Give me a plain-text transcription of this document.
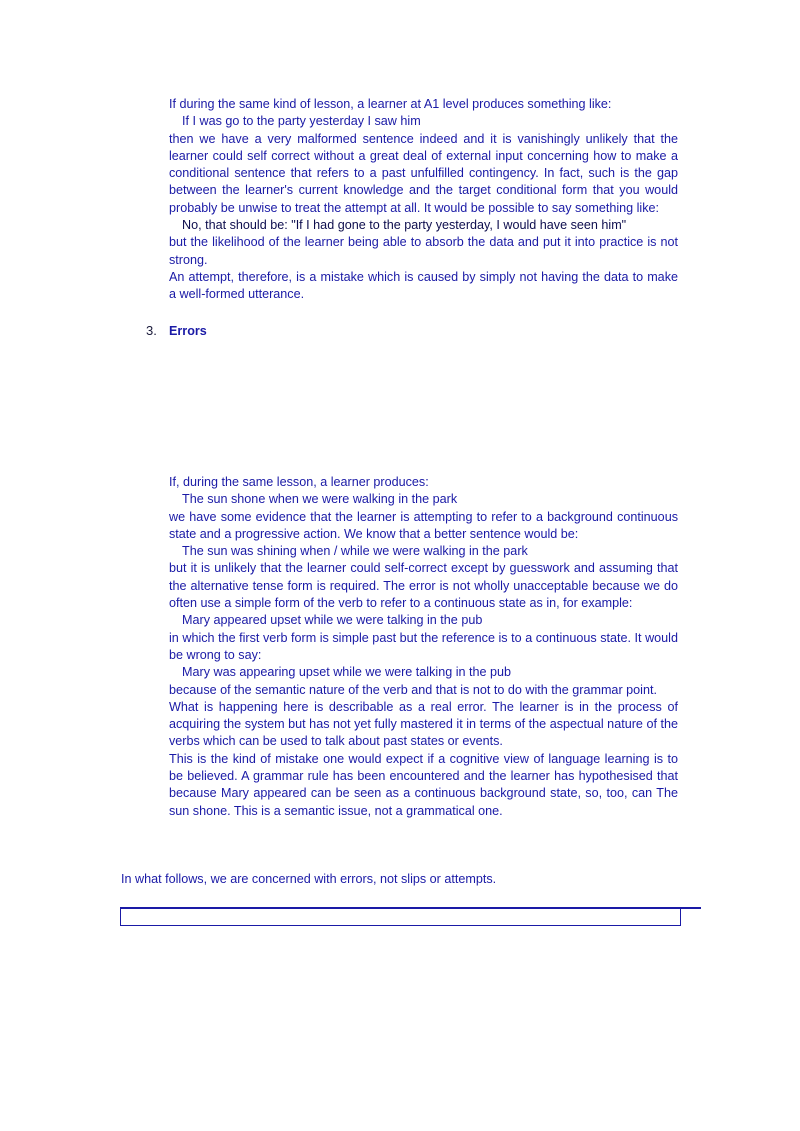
If during the same kind of lesson, a learner at A1 level produces something like:

If I was go to the party yesterday I saw him

then we have a very malformed sentence indeed and it is vanishingly unlikely that the learner could self correct without a great deal of external input concerning how to make a conditional sentence that refers to a past unfulfilled contingency. In fact, such is the gap between the learner's current knowledge and the target conditional form that you would probably be unwise to treat the attempt at all. It would be possible to say something like:

No, that should be: "If I had gone to the party yesterday, I would have seen him"

but the likelihood of the learner being able to absorb the data and put it into practice is not strong.

An attempt, therefore, is a mistake which is caused by simply not having the data to make a well-formed utterance.

3. Errors

If, during the same lesson, a learner produces:

The sun shone when we were walking in the park

we have some evidence that the learner is attempting to refer to a background continuous state and a progressive action. We know that a better sentence would be:

The sun was shining when / while we were walking in the park

but it is unlikely that the learner could self-correct except by guesswork and assuming that the alternative tense form is required. The error is not wholly unacceptable because we do often use a simple form of the verb to refer to a continuous state as in, for example:

Mary appeared upset while we were talking in the pub

in which the first verb form is simple past but the reference is to a continuous state. It would be wrong to say:

Mary was appearing upset while we were talking in the pub

because of the semantic nature of the verb and that is not to do with the grammar point.

What is happening here is describable as a real error. The learner is in the process of acquiring the system but has not yet fully mastered it in terms of the aspectual nature of the verbs which can be used to talk about past states or events.

This is the kind of mistake one would expect if a cognitive view of language learning is to be believed. A grammar rule has been encountered and the learner has hypothesised that because Mary appeared can be seen as a continuous background state, so, too, can The sun shone. This is a semantic issue, not a grammatical one.

In what follows, we are concerned with errors, not slips or attempts.
